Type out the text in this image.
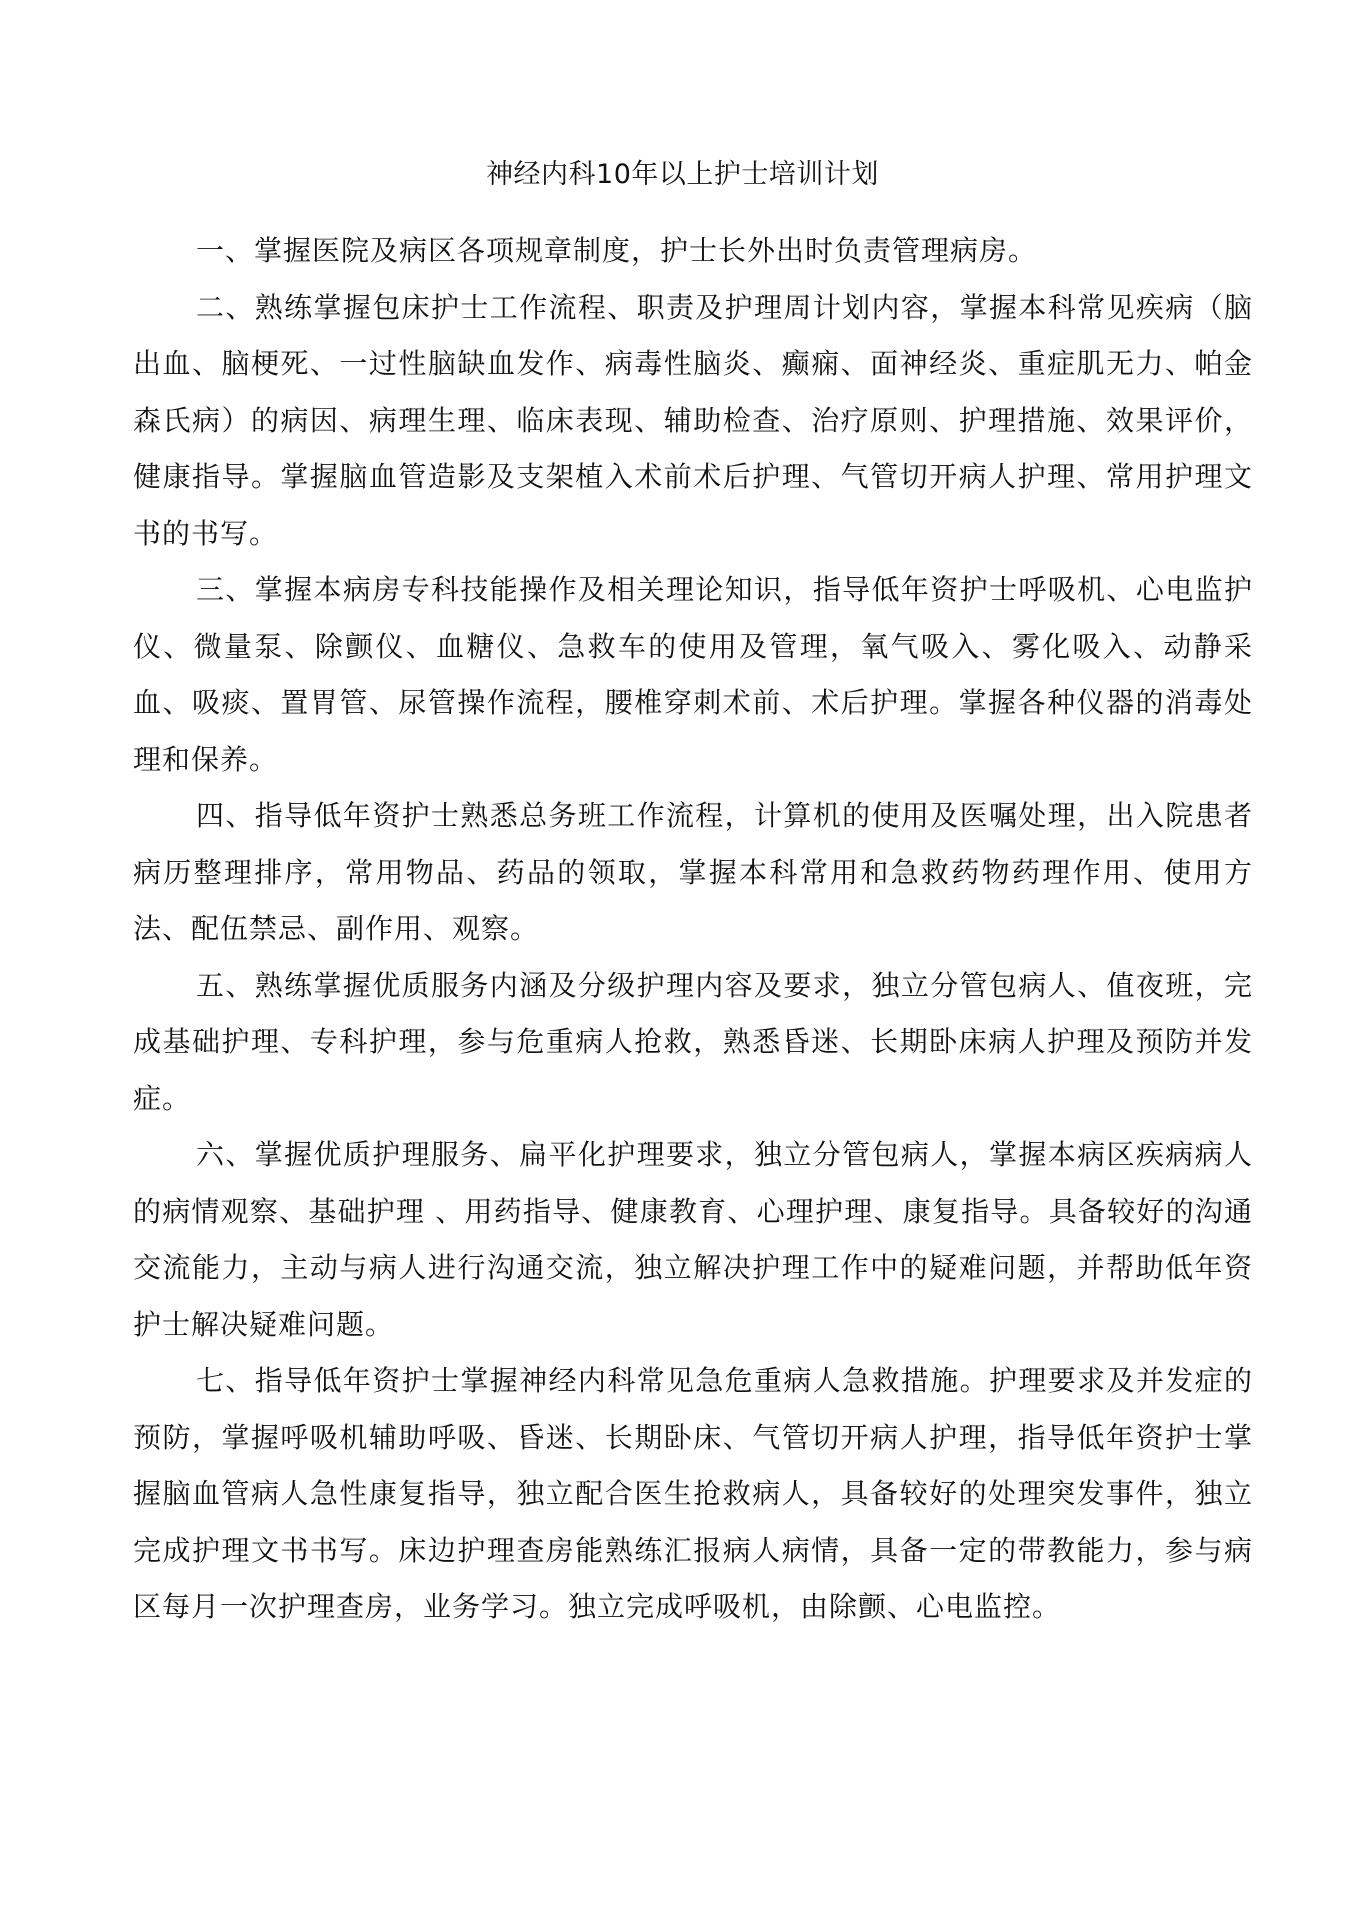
神经内科10年以上护士培训计划

一、掌握医院及病区各项规章制度，护士长外出时负责管理病房。

二、熟练掌握包床护士工作流程、职责及护理周计划内容，掌握本科常见疾病（脑出血、脑梗死、一过性脑缺血发作、病毒性脑炎、癫痫、面神经炎、重症肌无力、帕金森氏病）的病因、病理生理、临床表现、辅助检查、治疗原则、护理措施、效果评价，健康指导。掌握脑血管造影及支架植入术前术后护理、气管切开病人护理、常用护理文书的书写。

三、掌握本病房专科技能操作及相关理论知识，指导低年资护士呼吸机、心电监护仪、微量泵、除颤仪、血糖仪、急救车的使用及管理，氧气吸入、雾化吸入、动静采血、吸痰、置胃管、尿管操作流程，腰椎穿刺术前、术后护理。掌握各种仪器的消毒处理和保养。

四、指导低年资护士熟悉总务班工作流程，计算机的使用及医嘱处理，出入院患者病历整理排序，常用物品、药品的领取，掌握本科常用和急救药物药理作用、使用方法、配伍禁忌、副作用、观察。

五、熟练掌握优质服务内涵及分级护理内容及要求，独立分管包病人、值夜班，完成基础护理、专科护理，参与危重病人抢救，熟悉昏迷、长期卧床病人护理及预防并发症。

六、掌握优质护理服务、扁平化护理要求，独立分管包病人，掌握本病区疾病病人的病情观察、基础护理 、用药指导、健康教育、心理护理、康复指导。具备较好的沟通交流能力，主动与病人进行沟通交流，独立解决护理工作中的疑难问题，并帮助低年资护士解决疑难问题。

七、指导低年资护士掌握神经内科常见急危重病人急救措施。护理要求及并发症的预防，掌握呼吸机辅助呼吸、昏迷、长期卧床、气管切开病人护理，指导低年资护士掌握脑血管病人急性康复指导，独立配合医生抢救病人，具备较好的处理突发事件，独立完成护理文书书写。床边护理查房能熟练汇报病人病情，具备一定的带教能力，参与病区每月一次护理查房，业务学习。独立完成呼吸机，由除颤、心电监控。
